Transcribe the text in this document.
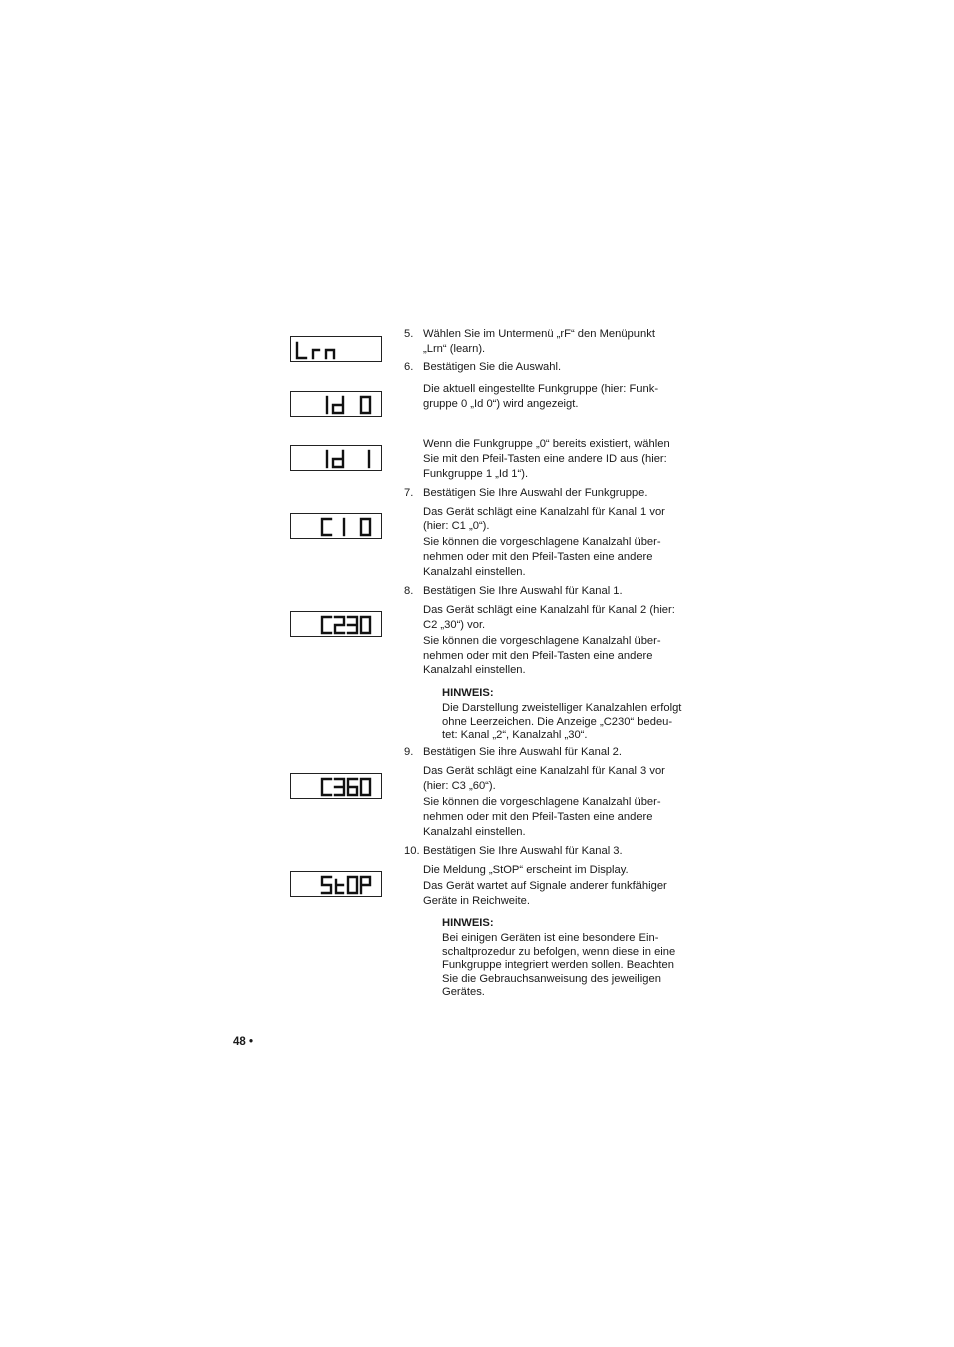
5. Wählen Sie im Untermenü „rF“ den Menüpunkt
„Lrn“ (learn).
6. Bestätigen Sie die Auswahl.
Die aktuell eingestellte Funkgruppe (hier: Funk-
gruppe 0 „Id 0“) wird angezeigt.
Wenn die Funkgruppe „0“ bereits existiert, wählen
Sie mit den Pfeil-Tasten eine andere ID aus (hier:
Funkgruppe 1 „Id 1“).
7. Bestätigen Sie Ihre Auswahl der Funkgruppe.
Das Gerät schlägt eine Kanalzahl für Kanal 1 vor
(hier: C1 „0“).
Sie können die vorgeschlagene Kanalzahl über-
nehmen oder mit den Pfeil-Tasten eine andere
Kanalzahl einstellen.
8. Bestätigen Sie Ihre Auswahl für Kanal 1.
Das Gerät schlägt eine Kanalzahl für Kanal 2 (hier:
C2 „30“) vor.
Sie können die vorgeschlagene Kanalzahl über-
nehmen oder mit den Pfeil-Tasten eine andere
Kanalzahl einstellen.
HINWEIS:
Die Darstellung zweistelliger Kanalzahlen erfolgt
ohne Leerzeichen. Die Anzeige „C230“ bedeu-
tet: Kanal „2“, Kanalzahl „30“.
9. Bestätigen Sie ihre Auswahl für Kanal 2.
Das Gerät schlägt eine Kanalzahl für Kanal 3 vor
(hier: C3 „60“).
Sie können die vorgeschlagene Kanalzahl über-
nehmen oder mit den Pfeil-Tasten eine andere
Kanalzahl einstellen.
10. Bestätigen Sie Ihre Auswahl für Kanal 3.
Die Meldung „StOP“ erscheint im Display.
Das Gerät wartet auf Signale anderer funkfähiger
Geräte in Reichweite.
HINWEIS:
Bei einigen Geräten ist eine besondere Ein-
schaltprozedur zu befolgen, wenn diese in eine
Funkgruppe integriert werden sollen. Beachten
Sie die Gebrauchsanweisung des jeweiligen
Gerätes.
48 •
